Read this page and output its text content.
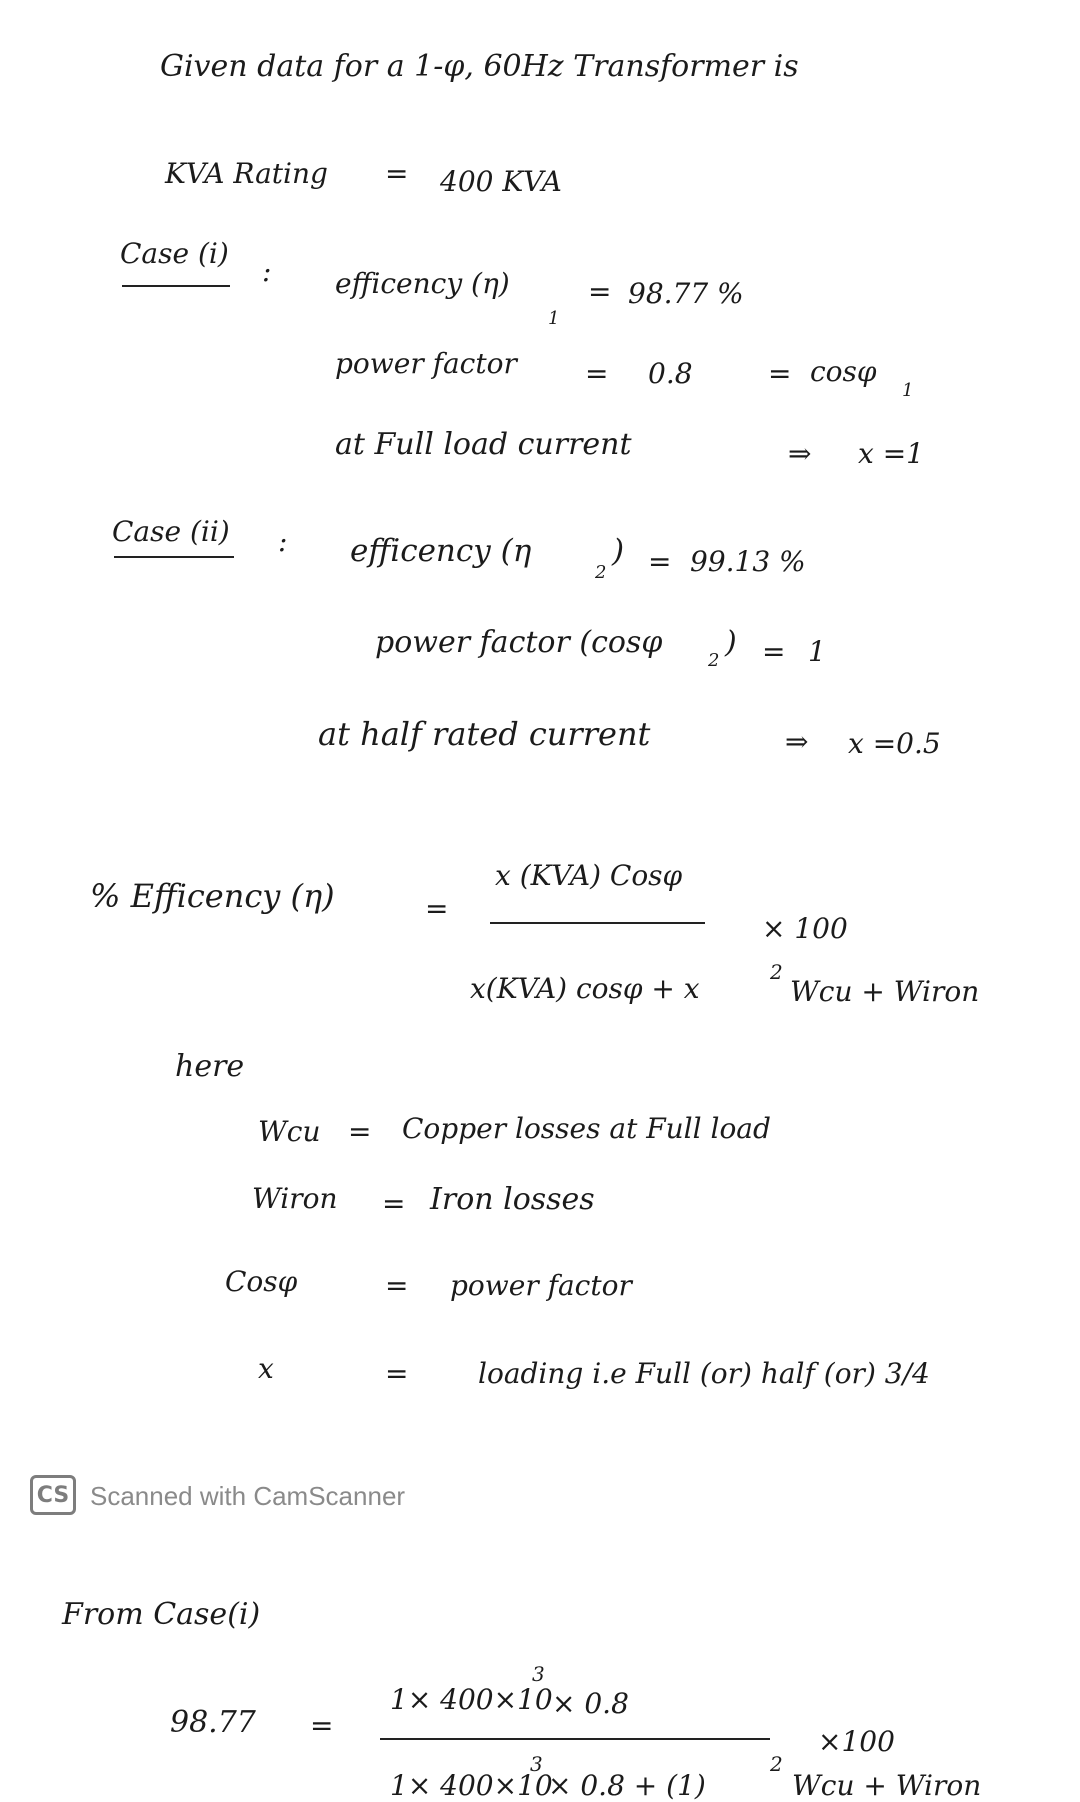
Given data for a 1-φ, 60Hz Transformer is
KVA Rating = 400 KVA
Case (i)
: efficency (η)
1
= 98.77 %
power factor = 0.8	= cosφ
1
at Full load current	⇒ x =1
Case (ii) : efficency (η
2
) = 99.13 %
power factor (cosφ
2
) = 1
at half rated current	⇒ x =0.5
% Efficency (η)	=
x (KVA) Cosφ
× 100
x(KVA) cosφ + x	2
Wcu + Wiron
here
Wcu = Copper losses at Full load
Wiron = Iron losses
Cosφ	= power factor
x	= loading i.e Full (or) half (or) 3/4
CS Scanned with CamScanner
From Case(i)
98.77 =
1× 400×10
3
× 0.8
×100
1× 400×10
3
× 0.8 + (1)
2
Wcu + Wiron
